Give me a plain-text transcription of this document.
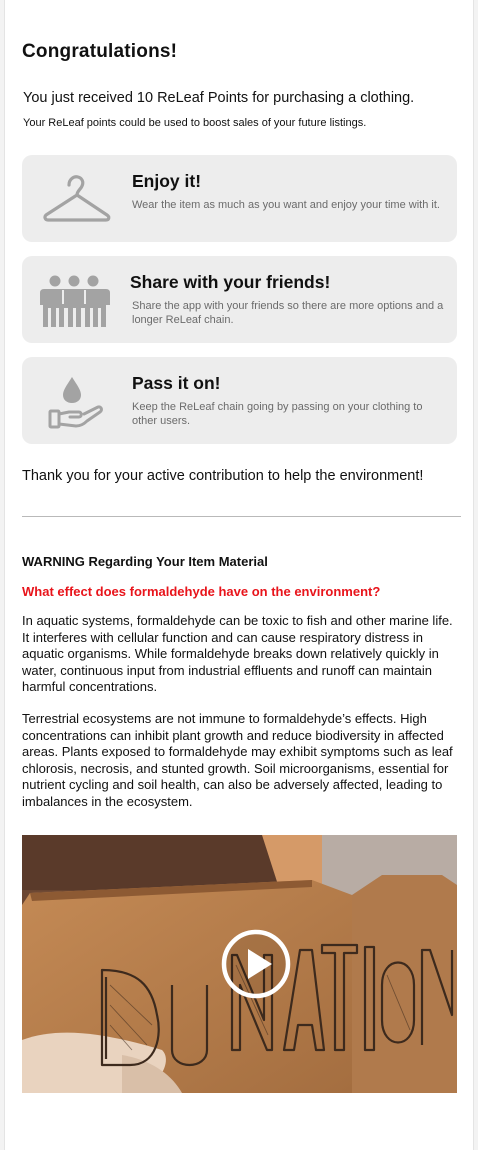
Congratulations!
You just received 10 ReLeaf Points for purchasing a clothing.
Your ReLeaf points could be used to boost sales of your future listings.
Enjoy it!
Wear the item as much as you want and enjoy your time with it.
Share with your friends!
Share the app with your friends so there are more options and a longer ReLeaf chain.
Pass it on!
Keep the ReLeaf chain going by passing on your clothing to other users.
Thank you for your active contribution to help the environment!
WARNING Regarding Your Item Material
What effect does formaldehyde have on the environment?
In aquatic systems, formaldehyde can be toxic to fish and other marine life. It interferes with cellular function and can cause respiratory distress in aquatic organisms. While formaldehyde breaks down relatively quickly in water, continuous input from industrial effluents and runoff can maintain harmful concentrations.
Terrestrial ecosystems are not immune to formaldehyde’s effects. High concentrations can inhibit plant growth and reduce biodiversity in affected areas. Plants exposed to formaldehyde may exhibit symptoms such as leaf chlorosis, necrosis, and stunted growth. Soil microorganisms, essential for nutrient cycling and soil health, can also be adversely affected, leading to imbalances in the ecosystem.
